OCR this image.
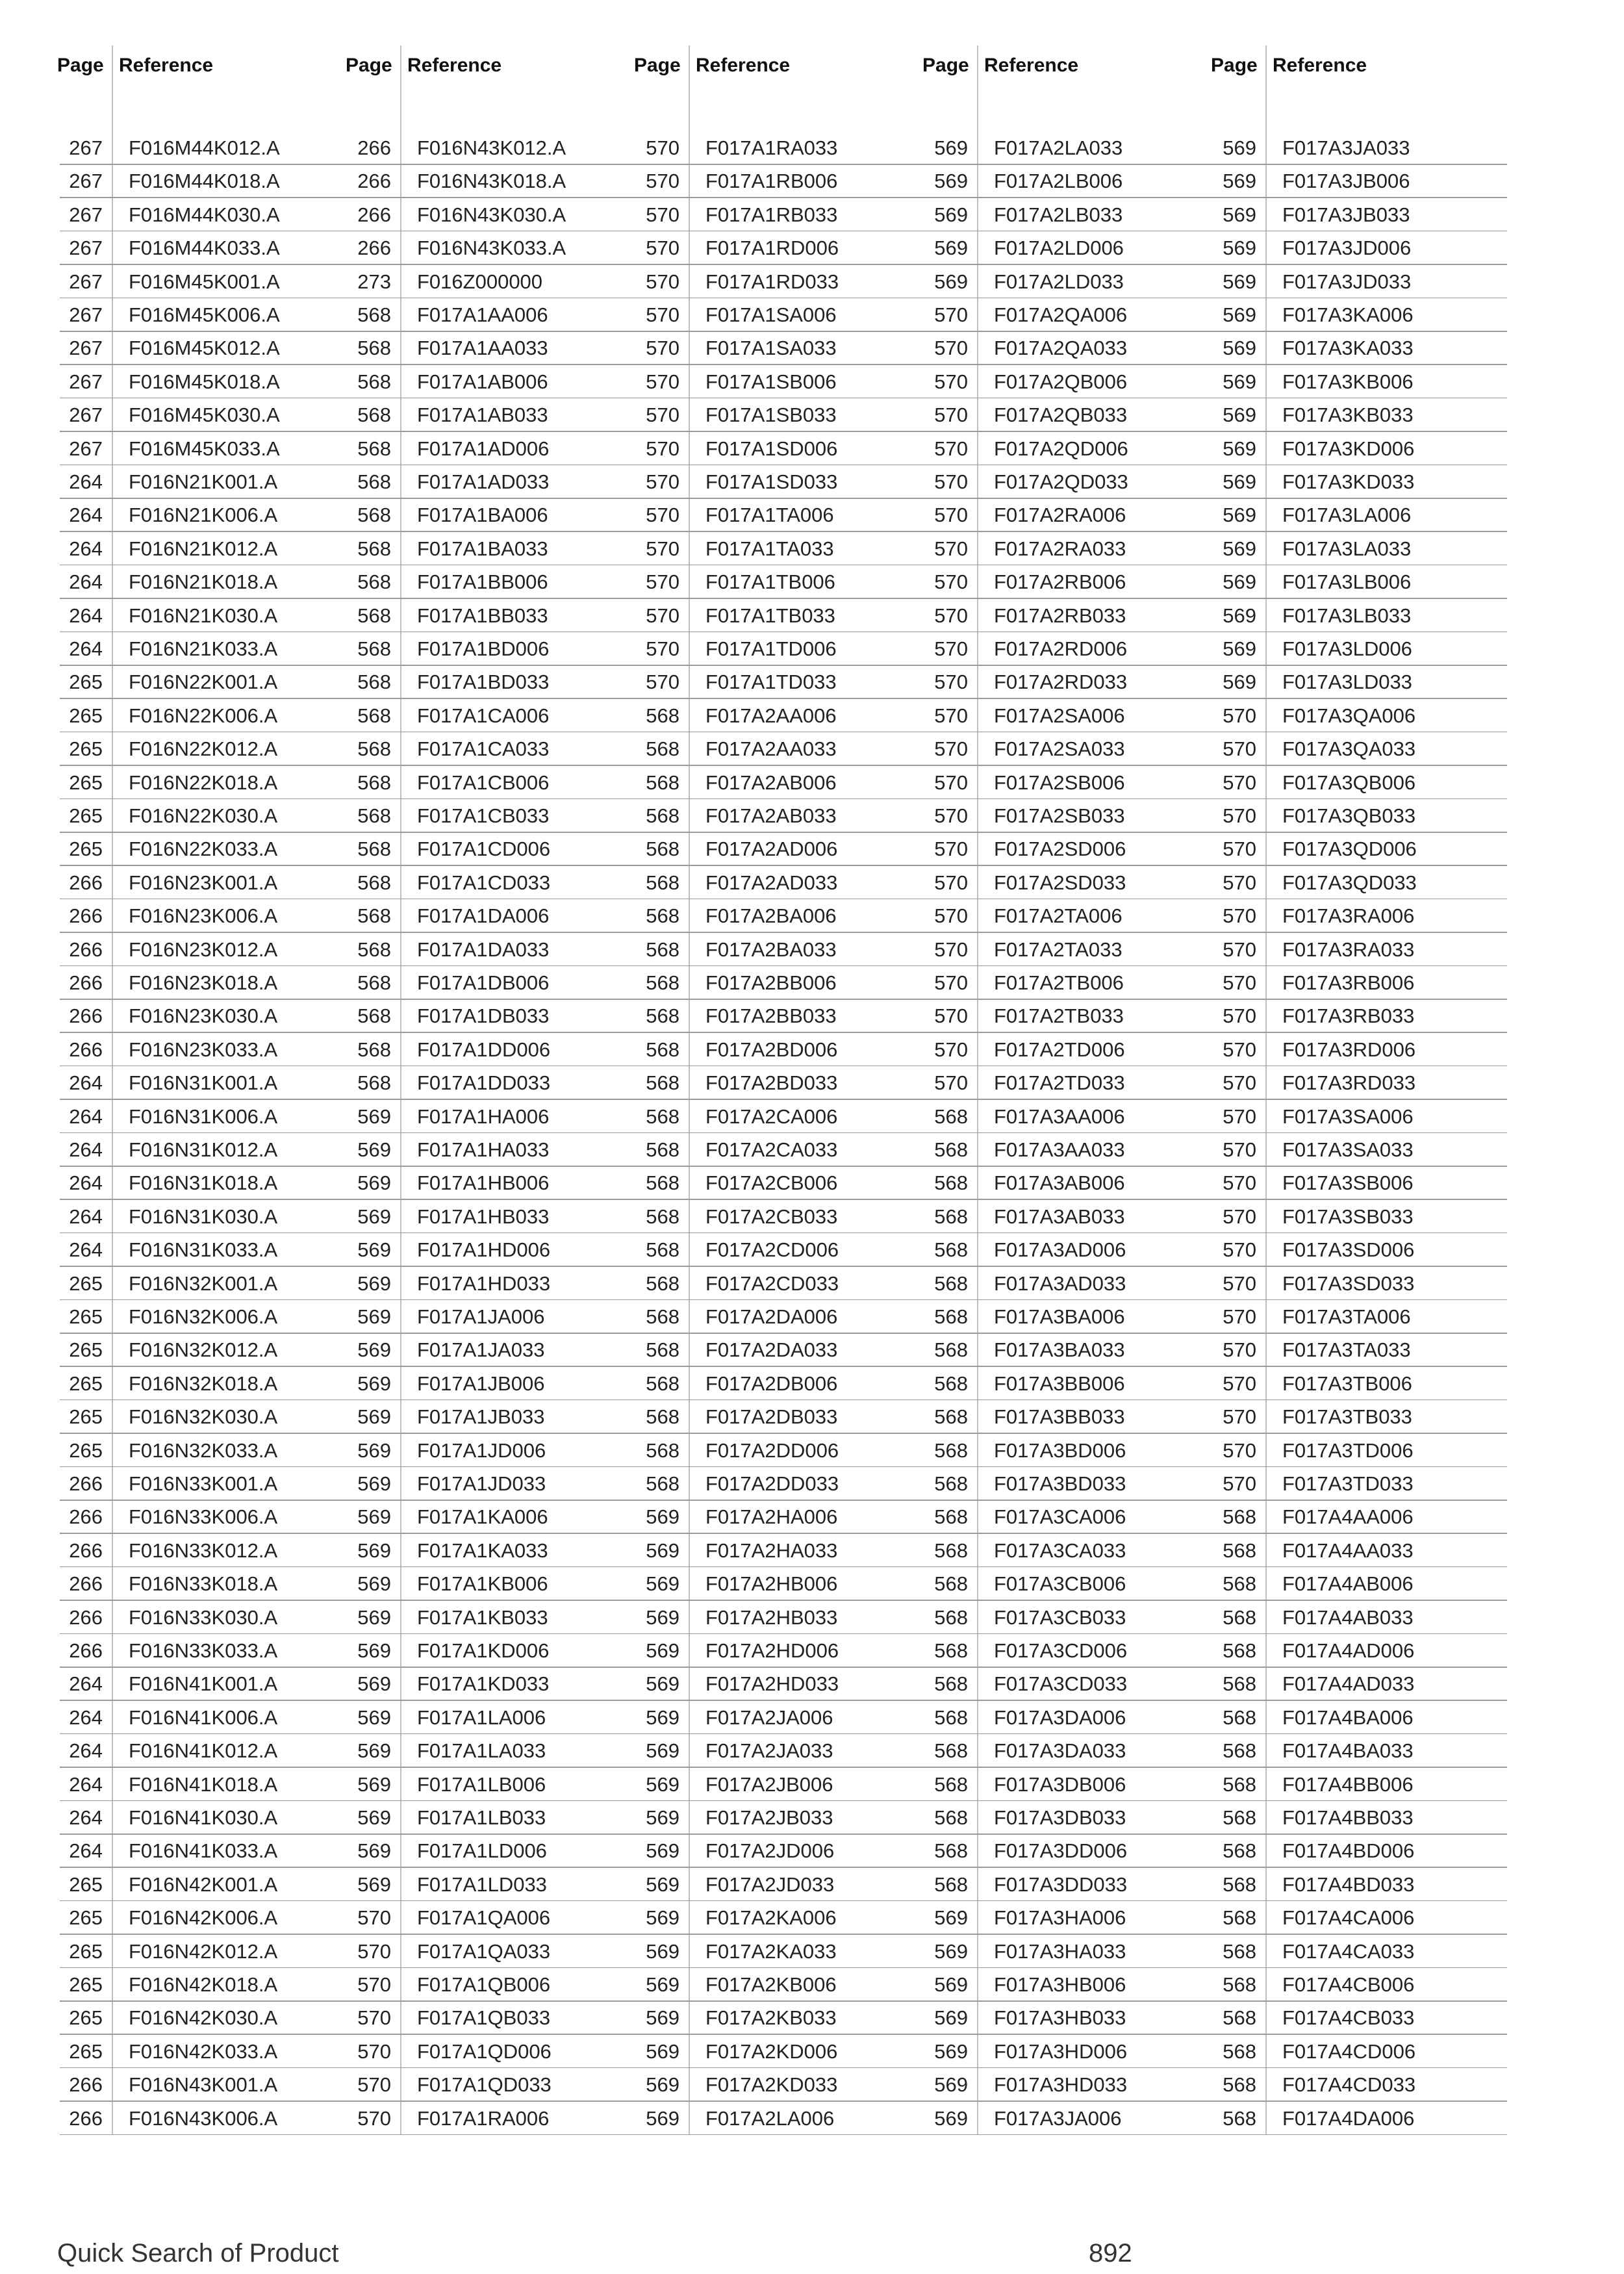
Page Reference
267 F016M44K012.A
267 F016M44K018.A
267 F016M44K030.A
267 F016M44K033.A
267 F016M45K001.A
267 F016M45K006.A
267 F016M45K012.A
267 F016M45K018.A
267 F016M45K030.A
267 F016M45K033.A
264 F016N21K001.A
264 F016N21K006.A
264 F016N21K012.A
264 F016N21K018.A
264 F016N21K030.A
264 F016N21K033.A
265 F016N22K001.A
265 F016N22K006.A
265 F016N22K012.A
265 F016N22K018.A
265 F016N22K030.A
265 F016N22K033.A
266 F016N23K001.A
266 F016N23K006.A
266 F016N23K012.A
266 F016N23K018.A
266 F016N23K030.A
266 F016N23K033.A
264 F016N31K001.A
264 F016N31K006.A
264 F016N31K012.A
264 F016N31K018.A
264 F016N31K030.A
264 F016N31K033.A
265 F016N32K001.A
265 F016N32K006.A
265 F016N32K012.A
265 F016N32K018.A
265 F016N32K030.A
265 F016N32K033.A
266 F016N33K001.A
266 F016N33K006.A
266 F016N33K012.A
266 F016N33K018.A
266 F016N33K030.A
266 F016N33K033.A
264 F016N41K001.A
264 F016N41K006.A
264 F016N41K012.A
264 F016N41K018.A
264 F016N41K030.A
264 F016N41K033.A
265 F016N42K001.A
265 F016N42K006.A
265 F016N42K012.A
265 F016N42K018.A
265 F016N42K030.A
265 F016N42K033.A
266 F016N43K001.A
266 F016N43K006.A
Page Reference
266 F016N43K012.A
266 F016N43K018.A
266 F016N43K030.A
266 F016N43K033.A
273 F016Z000000
568 F017A1AA006
568 F017A1AA033
568 F017A1AB006
568 F017A1AB033
568 F017A1AD006
568 F017A1AD033
568 F017A1BA006
568 F017A1BA033
568 F017A1BB006
568 F017A1BB033
568 F017A1BD006
568 F017A1BD033
568 F017A1CA006
568 F017A1CA033
568 F017A1CB006
568 F017A1CB033
568 F017A1CD006
568 F017A1CD033
568 F017A1DA006
568 F017A1DA033
568 F017A1DB006
568 F017A1DB033
568 F017A1DD006
568 F017A1DD033
569 F017A1HA006
569 F017A1HA033
569 F017A1HB006
569 F017A1HB033
569 F017A1HD006
569 F017A1HD033
569 F017A1JA006
569 F017A1JA033
569 F017A1JB006
569 F017A1JB033
569 F017A1JD006
569 F017A1JD033
569 F017A1KA006
569 F017A1KA033
569 F017A1KB006
569 F017A1KB033
569 F017A1KD006
569 F017A1KD033
569 F017A1LA006
569 F017A1LA033
569 F017A1LB006
569 F017A1LB033
569 F017A1LD006
569 F017A1LD033
570 F017A1QA006
570 F017A1QA033
570 F017A1QB006
570 F017A1QB033
570 F017A1QD006
570 F017A1QD033
570 F017A1RA006
Page Reference
570 F017A1RA033
570 F017A1RB006
570 F017A1RB033
570 F017A1RD006
570 F017A1RD033
570 F017A1SA006
570 F017A1SA033
570 F017A1SB006
570 F017A1SB033
570 F017A1SD006
570 F017A1SD033
570 F017A1TA006
570 F017A1TA033
570 F017A1TB006
570 F017A1TB033
570 F017A1TD006
570 F017A1TD033
568 F017A2AA006
568 F017A2AA033
568 F017A2AB006
568 F017A2AB033
568 F017A2AD006
568 F017A2AD033
568 F017A2BA006
568 F017A2BA033
568 F017A2BB006
568 F017A2BB033
568 F017A2BD006
568 F017A2BD033
568 F017A2CA006
568 F017A2CA033
568 F017A2CB006
568 F017A2CB033
568 F017A2CD006
568 F017A2CD033
568 F017A2DA006
568 F017A2DA033
568 F017A2DB006
568 F017A2DB033
568 F017A2DD006
568 F017A2DD033
569 F017A2HA006
569 F017A2HA033
569 F017A2HB006
569 F017A2HB033
569 F017A2HD006
569 F017A2HD033
569 F017A2JA006
569 F017A2JA033
569 F017A2JB006
569 F017A2JB033
569 F017A2JD006
569 F017A2JD033
569 F017A2KA006
569 F017A2KA033
569 F017A2KB006
569 F017A2KB033
569 F017A2KD006
569 F017A2KD033
569 F017A2LA006
Page Reference
569 F017A2LA033
569 F017A2LB006
569 F017A2LB033
569 F017A2LD006
569 F017A2LD033
570 F017A2QA006
570 F017A2QA033
570 F017A2QB006
570 F017A2QB033
570 F017A2QD006
570 F017A2QD033
570 F017A2RA006
570 F017A2RA033
570 F017A2RB006
570 F017A2RB033
570 F017A2RD006
570 F017A2RD033
570 F017A2SA006
570 F017A2SA033
570 F017A2SB006
570 F017A2SB033
570 F017A2SD006
570 F017A2SD033
570 F017A2TA006
570 F017A2TA033
570 F017A2TB006
570 F017A2TB033
570 F017A2TD006
570 F017A2TD033
568 F017A3AA006
568 F017A3AA033
568 F017A3AB006
568 F017A3AB033
568 F017A3AD006
568 F017A3AD033
568 F017A3BA006
568 F017A3BA033
568 F017A3BB006
568 F017A3BB033
568 F017A3BD006
568 F017A3BD033
568 F017A3CA006
568 F017A3CA033
568 F017A3CB006
568 F017A3CB033
568 F017A3CD006
568 F017A3CD033
568 F017A3DA006
568 F017A3DA033
568 F017A3DB006
568 F017A3DB033
568 F017A3DD006
568 F017A3DD033
569 F017A3HA006
569 F017A3HA033
569 F017A3HB006
569 F017A3HB033
569 F017A3HD006
569 F017A3HD033
569 F017A3JA006
Page Reference
569 F017A3JA033
569 F017A3JB006
569 F017A3JB033
569 F017A3JD006
569 F017A3JD033
569 F017A3KA006
569 F017A3KA033
569 F017A3KB006
569 F017A3KB033
569 F017A3KD006
569 F017A3KD033
569 F017A3LA006
569 F017A3LA033
569 F017A3LB006
569 F017A3LB033
569 F017A3LD006
569 F017A3LD033
570 F017A3QA006
570 F017A3QA033
570 F017A3QB006
570 F017A3QB033
570 F017A3QD006
570 F017A3QD033
570 F017A3RA006
570 F017A3RA033
570 F017A3RB006
570 F017A3RB033
570 F017A3RD006
570 F017A3RD033
570 F017A3SA006
570 F017A3SA033
570 F017A3SB006
570 F017A3SB033
570 F017A3SD006
570 F017A3SD033
570 F017A3TA006
570 F017A3TA033
570 F017A3TB006
570 F017A3TB033
570 F017A3TD006
570 F017A3TD033
568 F017A4AA006
568 F017A4AA033
568 F017A4AB006
568 F017A4AB033
568 F017A4AD006
568 F017A4AD033
568 F017A4BA006
568 F017A4BA033
568 F017A4BB006
568 F017A4BB033
568 F017A4BD006
568 F017A4BD033
568 F017A4CA006
568 F017A4CA033
568 F017A4CB006
568 F017A4CB033
568 F017A4CD006
568 F017A4CD033
568 F017A4DA006
Quick Search of Product	892
